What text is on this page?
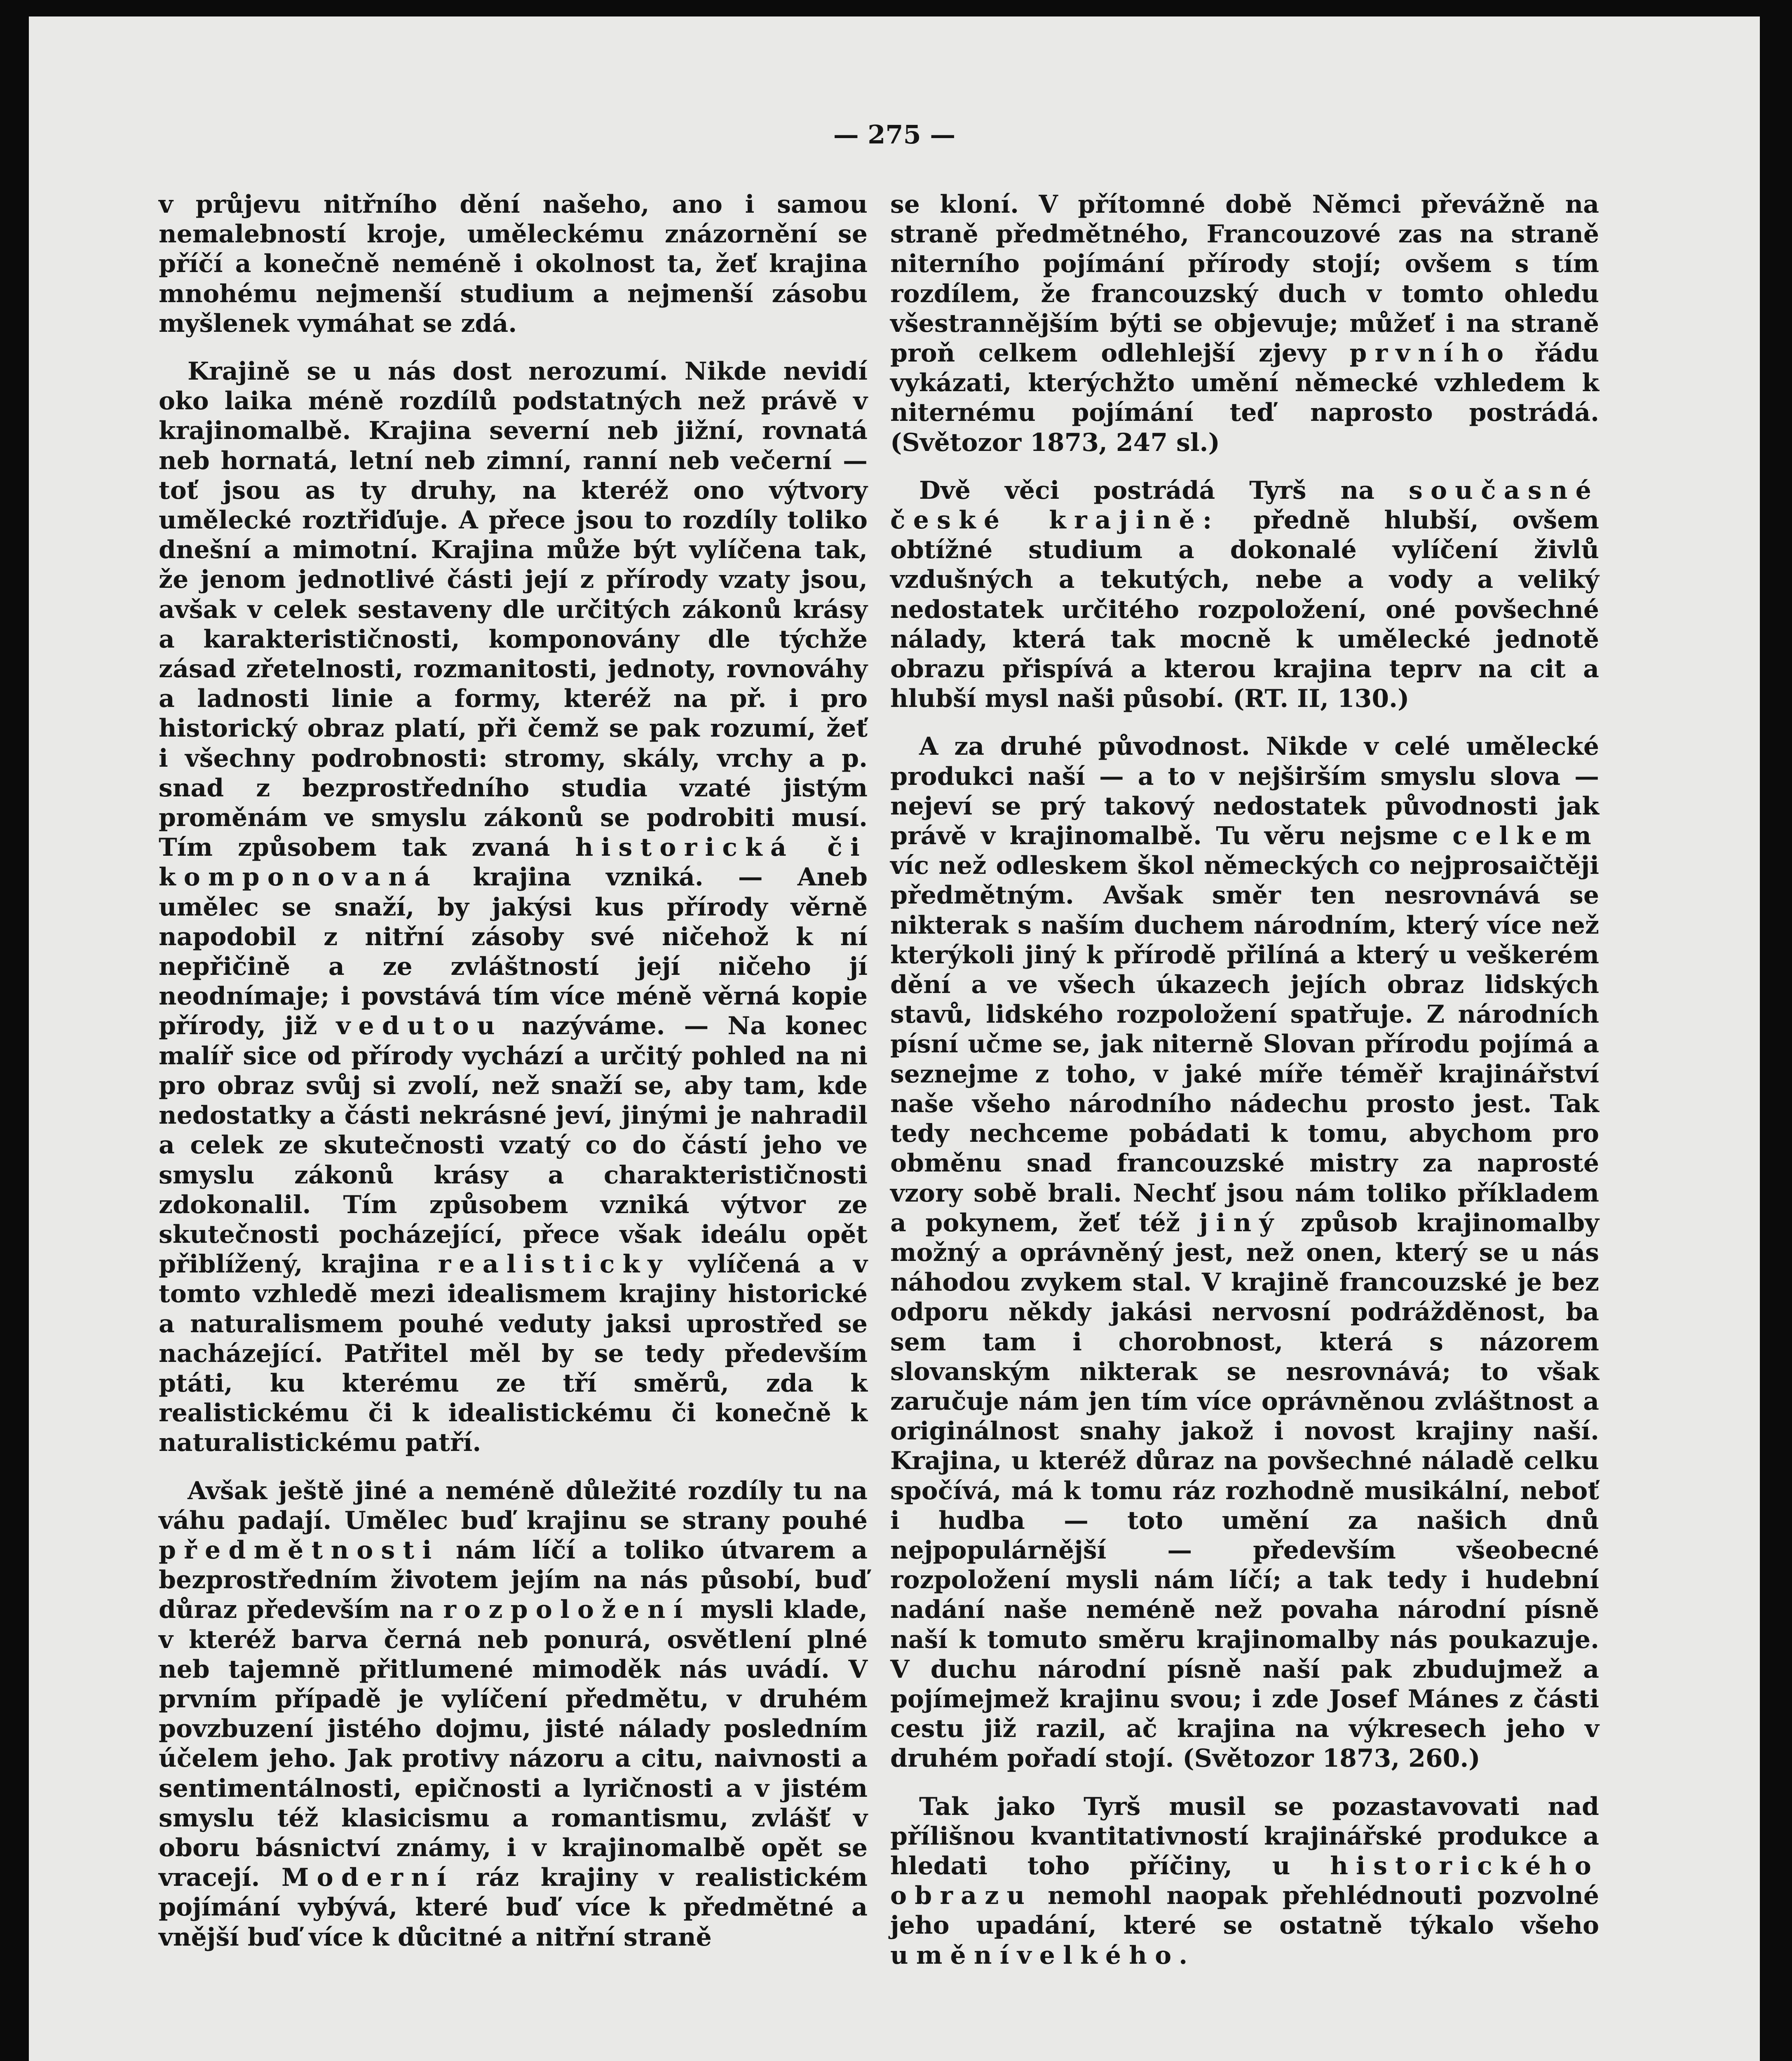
— 275 —

v průjevu nitřního dění našeho, ano i samou nemalebností kroje, uměleckému znázornění se příčí a konečně neméně i okolnost ta, žeť krajina mnohému nejmenší studium a nejmenší zásobu myšlenek vymáhat se zdá.

Krajině se u nás dost nerozumí. Nikde nevidí oko laika méně rozdílů podstatných než právě v krajinomalbě. Krajina severní neb jižní, rovnatá neb hornatá, letní neb zimní, ranní neb večerní — toť jsou as ty druhy, na kteréž ono výtvory umělecké roztřiďuje. A přece jsou to rozdíly toliko dnešní a mimotní. Krajina může být vylíčena tak, že jenom jednotlivé části její z přírody vzaty jsou, avšak v celek sestaveny dle určitých zákonů krásy a karakterističnosti, komponovány dle týchže zásad zřetelnosti, rozmanitosti, jednoty, rovnováhy a ladnosti linie a formy, kteréž na př. i pro historický obraz platí, při čemž se pak rozumí, žeť i všechny podrobnosti: stromy, skály, vrchy a p. snad z bezprostředního studia vzaté jistým proměnám ve smyslu zákonů se podrobiti musí. Tím způsobem tak zvaná historická či komponovaná krajina vzniká. — Aneb umělec se snaží, by jakýsi kus přírody věrně napodobil z nitřní zásoby své ničehož k ní nepřičině a ze zvláštností její ničeho jí neodnímaje; i povstává tím více méně věrná kopie přírody, již vedutou nazýváme. — Na konec malíř sice od přírody vychází a určitý pohled na ni pro obraz svůj si zvolí, než snaží se, aby tam, kde nedostatky a části nekrásné jeví, jinými je nahradil a celek ze skutečnosti vzatý co do částí jeho ve smyslu zákonů krásy a charakterističnosti zdokonalil. Tím způsobem vzniká výtvor ze skutečnosti pocházející, přece však ideálu opět přiblížený, krajina realisticky vylíčená a v tomto vzhledě mezi idealismem krajiny historické a naturalismem pouhé veduty jaksi uprostřed se nacházející. Patřitel měl by se tedy především ptáti, ku kterému ze tří směrů, zda k realistickému či k idealistickému či konečně k naturalistickému patří.

Avšak ještě jiné a neméně důležité rozdíly tu na váhu padají. Umělec buď krajinu se strany pouhé předmětnosti nám líčí a toliko útvarem a bezprostředním životem jejím na nás působí, buď důraz především na rozpoložení mysli klade, v kteréž barva černá neb ponurá, osvětlení plné neb tajemně přitlumené mimoděk nás uvádí. V prvním případě je vylíčení předmětu, v druhém povzbuzení jistého dojmu, jisté nálady posledním účelem jeho. Jak protivy názoru a citu, naivnosti a sentimentálnosti, epičnosti a lyričnosti a v jistém smyslu též klasicismu a romantismu, zvlášť v oboru básnictví známy, i v krajinomalbě opět se vracejí. Moderní ráz krajiny v realistickém pojímání vybývá, které buď více k předmětné a vnější buď více k důcitné a nitřní straně

se kloní. V přítomné době Němci převážně na straně předmětného, Francouzové zas na straně niterního pojímání přírody stojí; ovšem s tím rozdílem, že francouzský duch v tomto ohledu všestrannějším býti se objevuje; můžeť i na straně proň celkem odlehlejší zjevy prvního řádu vykázati, kterýchžto umění německé vzhledem k niternému pojímání teď naprosto postrádá. (Světozor 1873, 247 sl.)

Dvě věci postrádá Tyrš na současné české krajině: předně hlubší, ovšem obtížné studium a dokonalé vylíčení živlů vzdušných a tekutých, nebe a vody a veliký nedostatek určitého rozpoložení, oné povšechné nálady, která tak mocně k umělecké jednotě obrazu přispívá a kterou krajina teprv na cit a hlubší mysl naši působí. (RT. II, 130.)

A za druhé původnost. Nikde v celé umělecké produkci naší — a to v nejširším smyslu slova — nejeví se prý takový nedostatek původnosti jak právě v krajinomalbě. Tu věru nejsme celkem víc než odleskem škol německých co nejprosaičtěji předmětným. Avšak směr ten nesrovnává se nikterak s naším duchem národním, který více než kterýkoli jiný k přírodě přilíná a který u veškerém dění a ve všech úkazech jejích obraz lidských stavů, lidského rozpoložení spatřuje. Z národních písní učme se, jak niterně Slovan přírodu pojímá a seznejme z toho, v jaké míře téměř krajinářství naše všeho národního nádechu prosto jest. Tak tedy nechceme pobádati k tomu, abychom pro obměnu snad francouzské mistry za naprosté vzory sobě brali. Nechť jsou nám toliko příkladem a pokynem, žeť též jiný způsob krajinomalby možný a oprávněný jest, než onen, který se u nás náhodou zvykem stal. V krajině francouzské je bez odporu někdy jakási nervosní podrážděnost, ba sem tam i chorobnost, která s názorem slovanským nikterak se nesrovnává; to však zaručuje nám jen tím více oprávněnou zvláštnost a originálnost snahy jakož i novost krajiny naší. Krajina, u kteréž důraz na povšechné náladě celku spočívá, má k tomu ráz rozhodně musikální, neboť i hudba — toto umění za našich dnů nejpopulárnější — především všeobecné rozpoložení mysli nám líčí; a tak tedy i hudební nadání naše neméně než povaha národní písně naší k tomuto směru krajinomalby nás poukazuje. V duchu národní písně naší pak zbudujmež a pojímejmež krajinu svou; i zde Josef Mánes z části cestu již razil, ač krajina na výkresech jeho v druhém pořadí stojí. (Světozor 1873, 260.)

Tak jako Tyrš musil se pozastavovati nad přílišnou kvantitativností krajinářské produkce a hledati toho příčiny, u historického obrazu nemohl naopak přehlédnouti pozvolné jeho upadání, které se ostatně týkalo všeho uměnívelkého.
